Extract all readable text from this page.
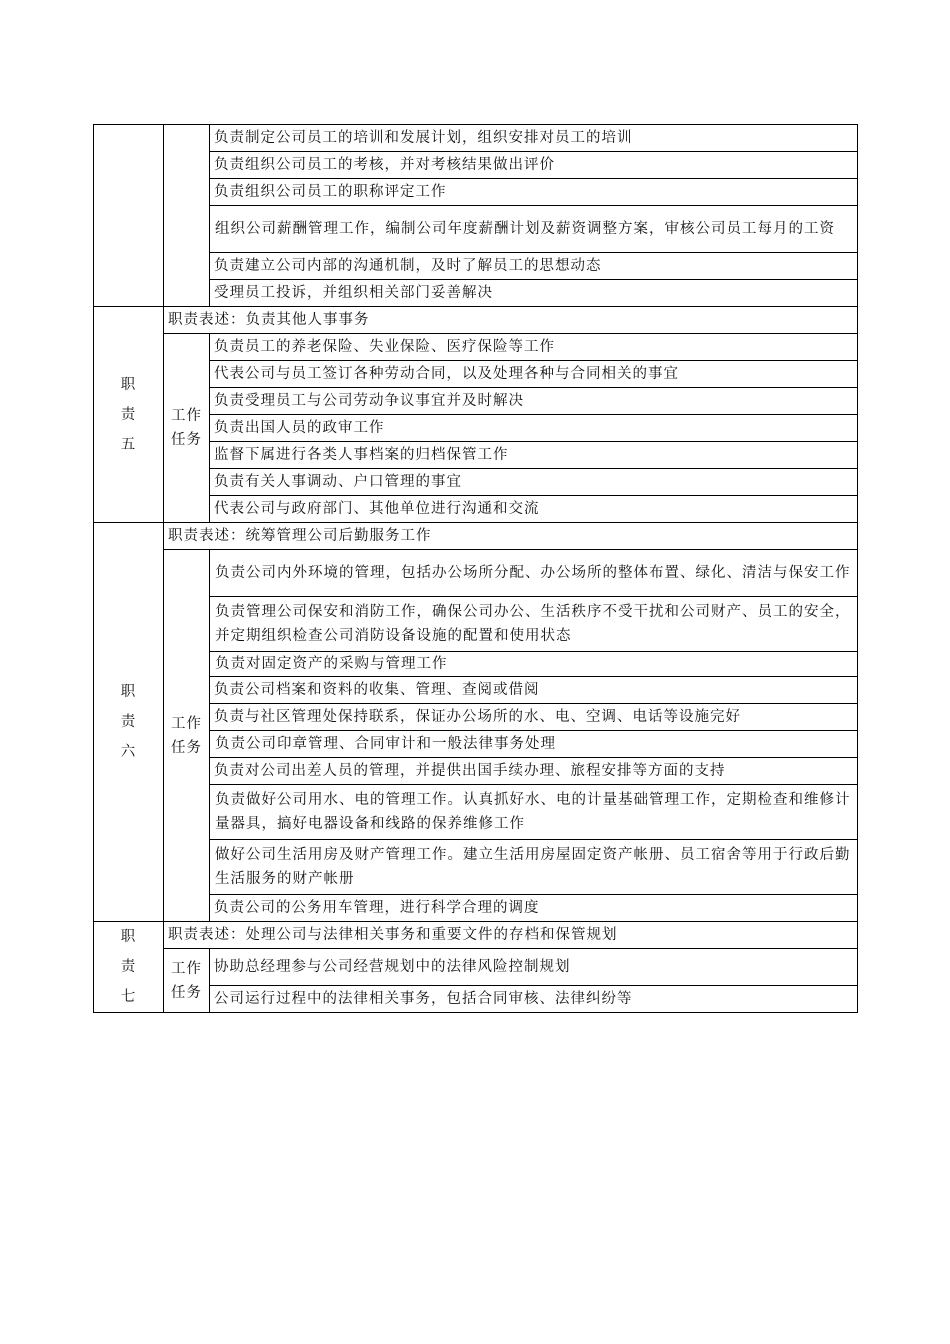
		负责制定公司员工的培训和发展计划，组织安排对员工的培训
		负责组织公司员工的考核，并对考核结果做出评价
		负责组织公司员工的职称评定工作
		组织公司薪酬管理工作，编制公司年度薪酬计划及薪资调整方案，审核公司员工每月的工资
		负责建立公司内部的沟通机制，及时了解员工的思想动态
		受理员工投诉，并组织相关部门妥善解决
职责五	职责表述：负责其他人事事务	
	工作任务	负责员工的养老保险、失业保险、医疗保险等工作
		代表公司与员工签订各种劳动合同，以及处理各种与合同相关的事宜
		负责受理员工与公司劳动争议事宜并及时解决
		负责出国人员的政审工作
		监督下属进行各类人事档案的归档保管工作
		负责有关人事调动、户口管理的事宜
		代表公司与政府部门、其他单位进行沟通和交流
职责六	职责表述：统筹管理公司后勤服务工作	
	工作任务	负责公司内外环境的管理，包括办公场所分配、办公场所的整体布置、绿化、清洁与保安工作
		负责管理公司保安和消防工作，确保公司办公、生活秩序不受干扰和公司财产、员工的安全，并定期组织检查公司消防设备设施的配置和使用状态
		负责对固定资产的采购与管理工作
		负责公司档案和资料的收集、管理、查阅或借阅
		负责与社区管理处保持联系，保证办公场所的水、电、空调、电话等设施完好
		负责公司印章管理、合同审计和一般法律事务处理
		负责对公司出差人员的管理，并提供出国手续办理、旅程安排等方面的支持
		负责做好公司用水、电的管理工作。认真抓好水、电的计量基础管理工作，定期检查和维修计量器具，搞好电器设备和线路的保养维修工作
		做好公司生活用房及财产管理工作。建立生活用房屋固定资产帐册、员工宿舍等用于行政后勤生活服务的财产帐册
		负责公司的公务用车管理，进行科学合理的调度
职责七	职责表述：处理公司与法律相关事务和重要文件的存档和保管规划	
	工作任务	协助总经理参与公司经营规划中的法律风险控制规划
		公司运行过程中的法律相关事务，包括合同审核、法律纠纷等
